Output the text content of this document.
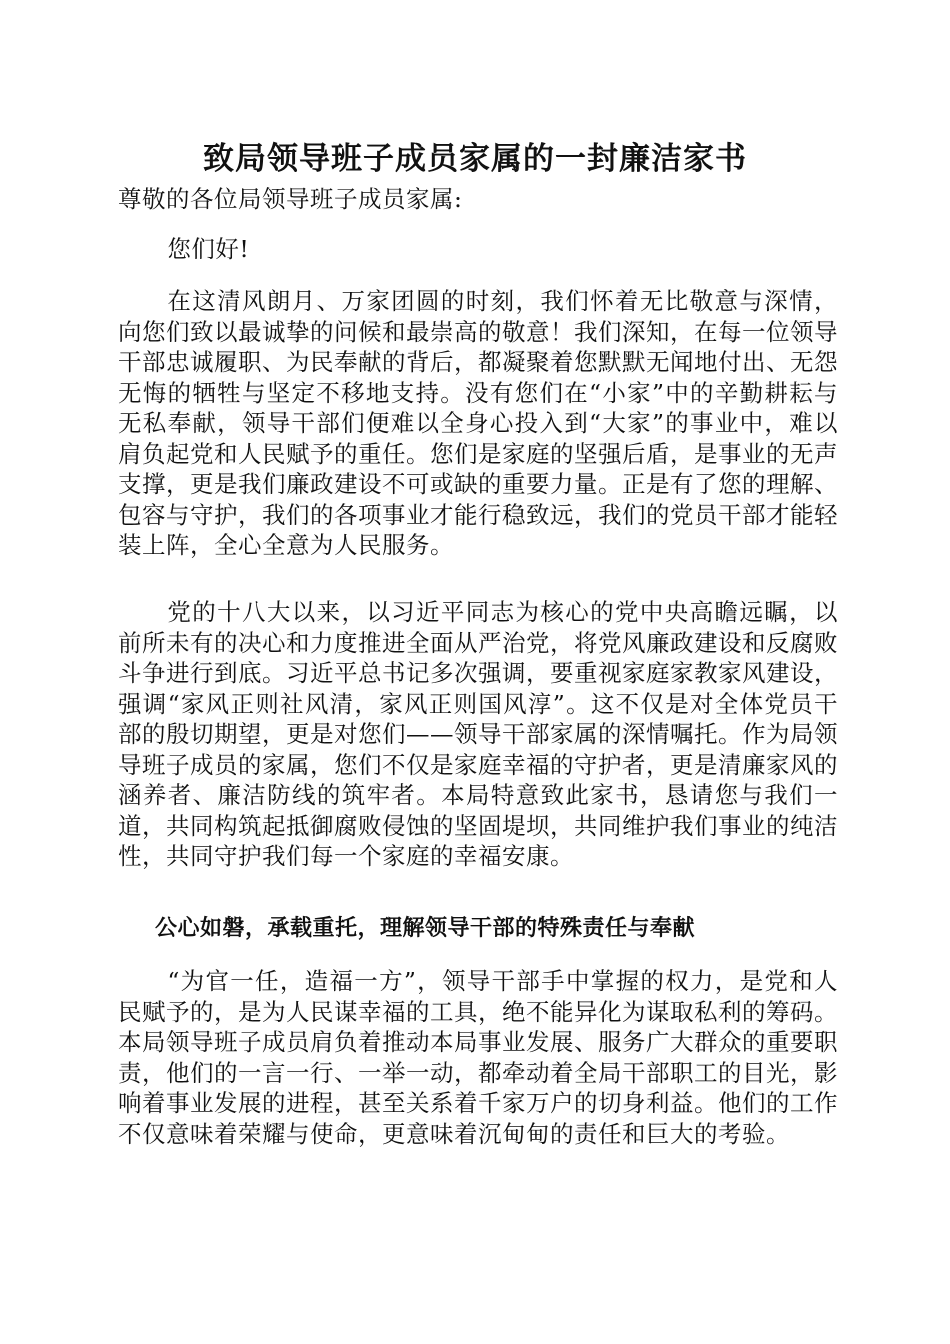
致局领导班子成员家属的一封廉洁家书

尊敬的各位局领导班子成员家属:

您们好!

在这清风朗月、万家团圆的时刻，我们怀着无比敬意与深情，向您们致以最诚挚的问候和最崇高的敬意！我们深知，在每一位领导干部忠诚履职、为民奉献的背后，都凝聚着您默默无闻地付出、无怨无悔的牺牲与坚定不移地支持。没有您们在“小家”中的辛勤耕耘与无私奉献，领导干部们便难以全身心投入到“大家”的事业中，难以肩负起党和人民赋予的重任。您们是家庭的坚强后盾，是事业的无声支撑，更是我们廉政建设不可或缺的重要力量。正是有了您的理解、包容与守护，我们的各项事业才能行稳致远，我们的党员干部才能轻装上阵，全心全意为人民服务。

党的十八大以来，以习近平同志为核心的党中央高瞻远瞩，以前所未有的决心和力度推进全面从严治党，将党风廉政建设和反腐败斗争进行到底。习近平总书记多次强调，要重视家庭家教家风建设，强调“家风正则社风清，家风正则国风淳”。这不仅是对全体党员干部的殷切期望，更是对您们——领导干部家属的深情嘱托。作为局领导班子成员的家属，您们不仅是家庭幸福的守护者，更是清廉家风的涵养者、廉洁防线的筑牢者。本局特意致此家书，恳请您与我们一道，共同构筑起抵御腐败侵蚀的坚固堤坝，共同维护我们事业的纯洁性，共同守护我们每一个家庭的幸福安康。

公心如磐，承载重托，理解领导干部的特殊责任与奉献

“为官一任，造福一方”，领导干部手中掌握的权力，是党和人民赋予的，是为人民谋幸福的工具，绝不能异化为谋取私利的筹码。本局领导班子成员肩负着推动本局事业发展、服务广大群众的重要职责，他们的一言一行、一举一动，都牵动着全局干部职工的目光，影响着事业发展的进程，甚至关系着千家万户的切身利益。他们的工作不仅意味着荣耀与使命，更意味着沉甸甸的责任和巨大的考验。
